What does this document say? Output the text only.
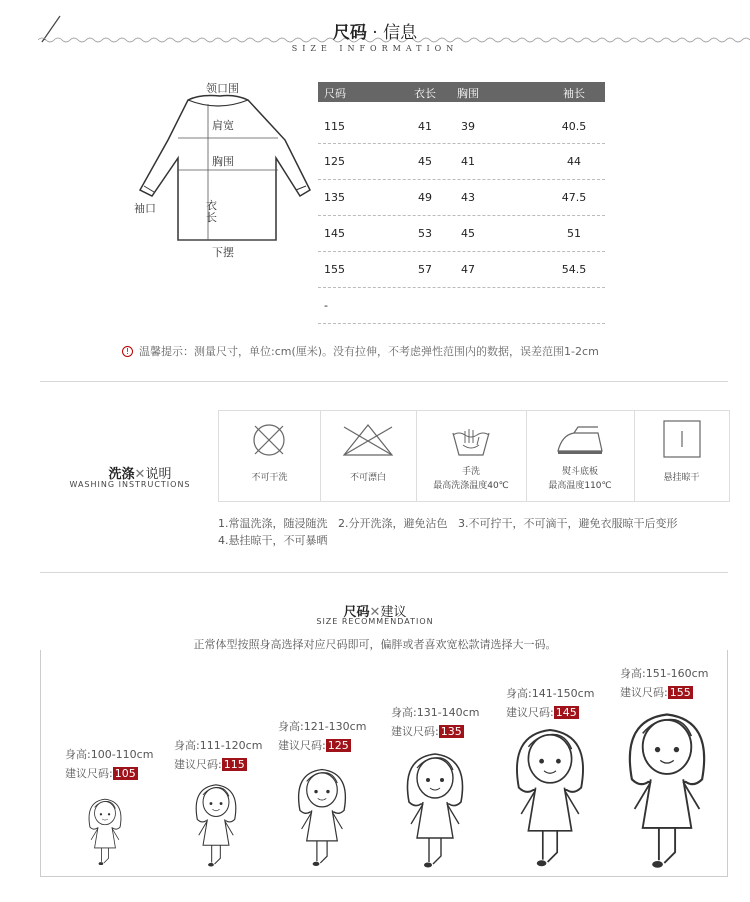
尺码 · 信息
SIZE INFORMATION
领口围
肩宽
胸围
袖口	衣
长
下摆
尺码	衣长	胸围	袖长
115	41	39	40.5
125	45	41	44
135	49	43	47.5
145	53	45	51
155	57	47	54.5
-
! 温馨提示：测量尺寸，单位:cm(厘米)。没有拉伸，不考虑弹性范围内的数据，误差范围1-2cm
洗涤✕说明
WASHING INSTRUCTIONS
不可干洗	不可漂白
手洗
最高洗涤温度40℃
熨斗底板
最高温度110℃
悬挂晾干
1.常温洗涤，随浸随洗   2.分开洗涤，避免沾色   3.不可拧干，不可滴干，避免衣服晾干后变形
4.悬挂晾干，不可暴晒
尺码✕建议
SIZE RECOMMENDATION
正常体型按照身高选择对应尺码即可，偏胖或者喜欢宽松款请选择大一码。
身高:100-110cm
建议尺码: 105
身高:111-120cm
建议尺码: 115
身高:121-130cm
建议尺码: 125
身高:131-140cm
建议尺码: 135
身高:141-150cm
建议尺码: 145
身高:151-160cm
建议尺码: 155
